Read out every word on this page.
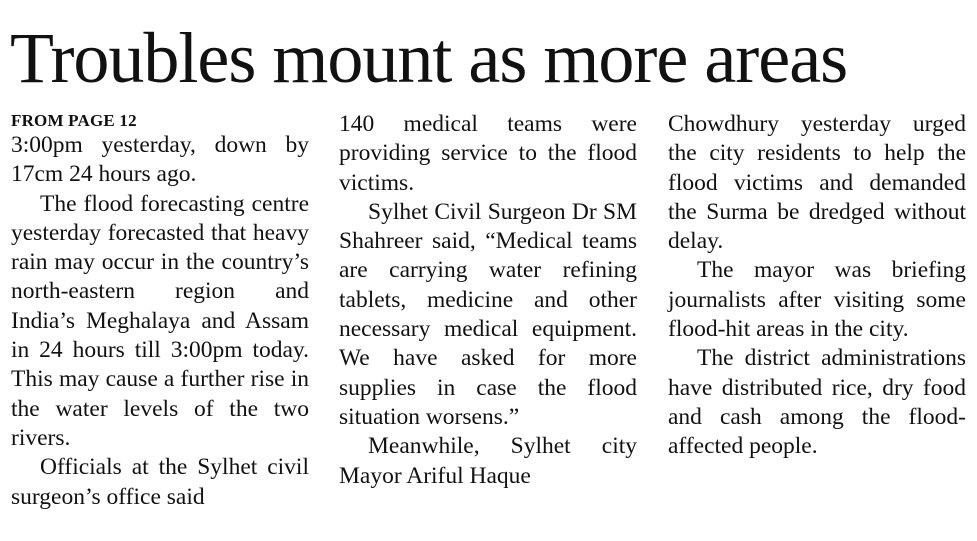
Troubles mount as more areas
FROM PAGE 12

3:00pm yesterday, down by 17cm 24 hours ago.

The flood forecasting centre yesterday forecasted that heavy rain may occur in the country’s north-eastern region and India’s Meghalaya and Assam in 24 hours till 3:00pm today. This may cause a further rise in the water levels of the two rivers.

Officials at the Sylhet civil surgeon’s office said

140 medical teams were providing service to the flood victims.

Sylhet Civil Surgeon Dr SM Shahreer said, “Medical teams are carrying water refining tablets, medicine and other necessary medical equipment. We have asked for more supplies in case the flood situation worsens.”

Meanwhile, Sylhet city Mayor Ariful Haque

Chowdhury yesterday urged the city residents to help the flood victims and demanded the Surma be dredged without delay.

The mayor was briefing journalists after visiting some flood-hit areas in the city.

The district administrations have distributed rice, dry food and cash among the flood-affected people.
